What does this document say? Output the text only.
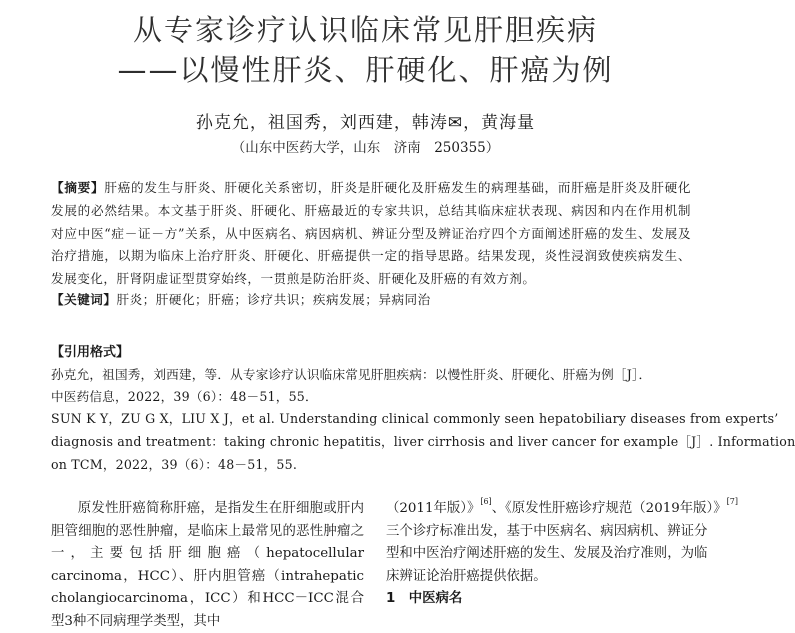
从专家诊疗认识临床常见肝胆疾病
——以慢性肝炎、肝硬化、肝癌为例
孙克允，祖国秀，刘西建，韩涛✉，黄海量
（山东中医药大学，山东　济南　250355）
【摘要】肝癌的发生与肝炎、肝硬化关系密切，肝炎是肝硬化及肝癌发生的病理基础，而肝癌是肝炎及肝硬化发展的必然结果。本文基于肝炎、肝硬化、肝癌最近的专家共识，总结其临床症状表现、病因和内在作用机制对应中医“症－证－方”关系，从中医病名、病因病机、辨证分型及辨证治疗四个方面阐述肝癌的发生、发展及治疗措施，以期为临床上治疗肝炎、肝硬化、肝癌提供一定的指导思路。结果发现，炎性浸润致使疾病发生、发展变化，肝肾阴虚证型贯穿始终，一贯煎是防治肝炎、肝硬化及肝癌的有效方剂。
【关键词】肝炎；肝硬化；肝癌；诊疗共识；疾病发展；异病同治
【引用格式】
孙克允，祖国秀，刘西建，等．从专家诊疗认识临床常见肝胆疾病：以慢性肝炎、肝硬化、肝癌为例［J］．
中医药信息，2022，39（6）：48－51，55．
SUN K Y，ZU G X，LIU X J，et al. Understanding clinical commonly seen hepatobiliary diseases from experts’
diagnosis and treatment：taking chronic hepatitis，liver cirrhosis and liver cancer for example［J］. Information
on TCM，2022，39（6）：48－51，55.

原发性肝癌简称肝癌，是指发生在肝细胞或肝内胆管细胞的恶性肿瘤，是临床上最常见的恶性肿瘤之一，主要包括肝细胞癌（hepatocellular carcinoma，HCC）、肝内胆管癌（intrahepatic cholangiocarcinoma，ICC）和HCC－ICC混合型3种不同病理学类型，其中

（2011年版）》[6]、《原发性肝癌诊疗规范（2019年版）》[7]
三个诊疗标准出发，基于中医病名、病因病机、辨证分
型和中医治疗阐述肝癌的发生、发展及治疗准则，为临
床辨证论治肝癌提供依据。
1　中医病名
